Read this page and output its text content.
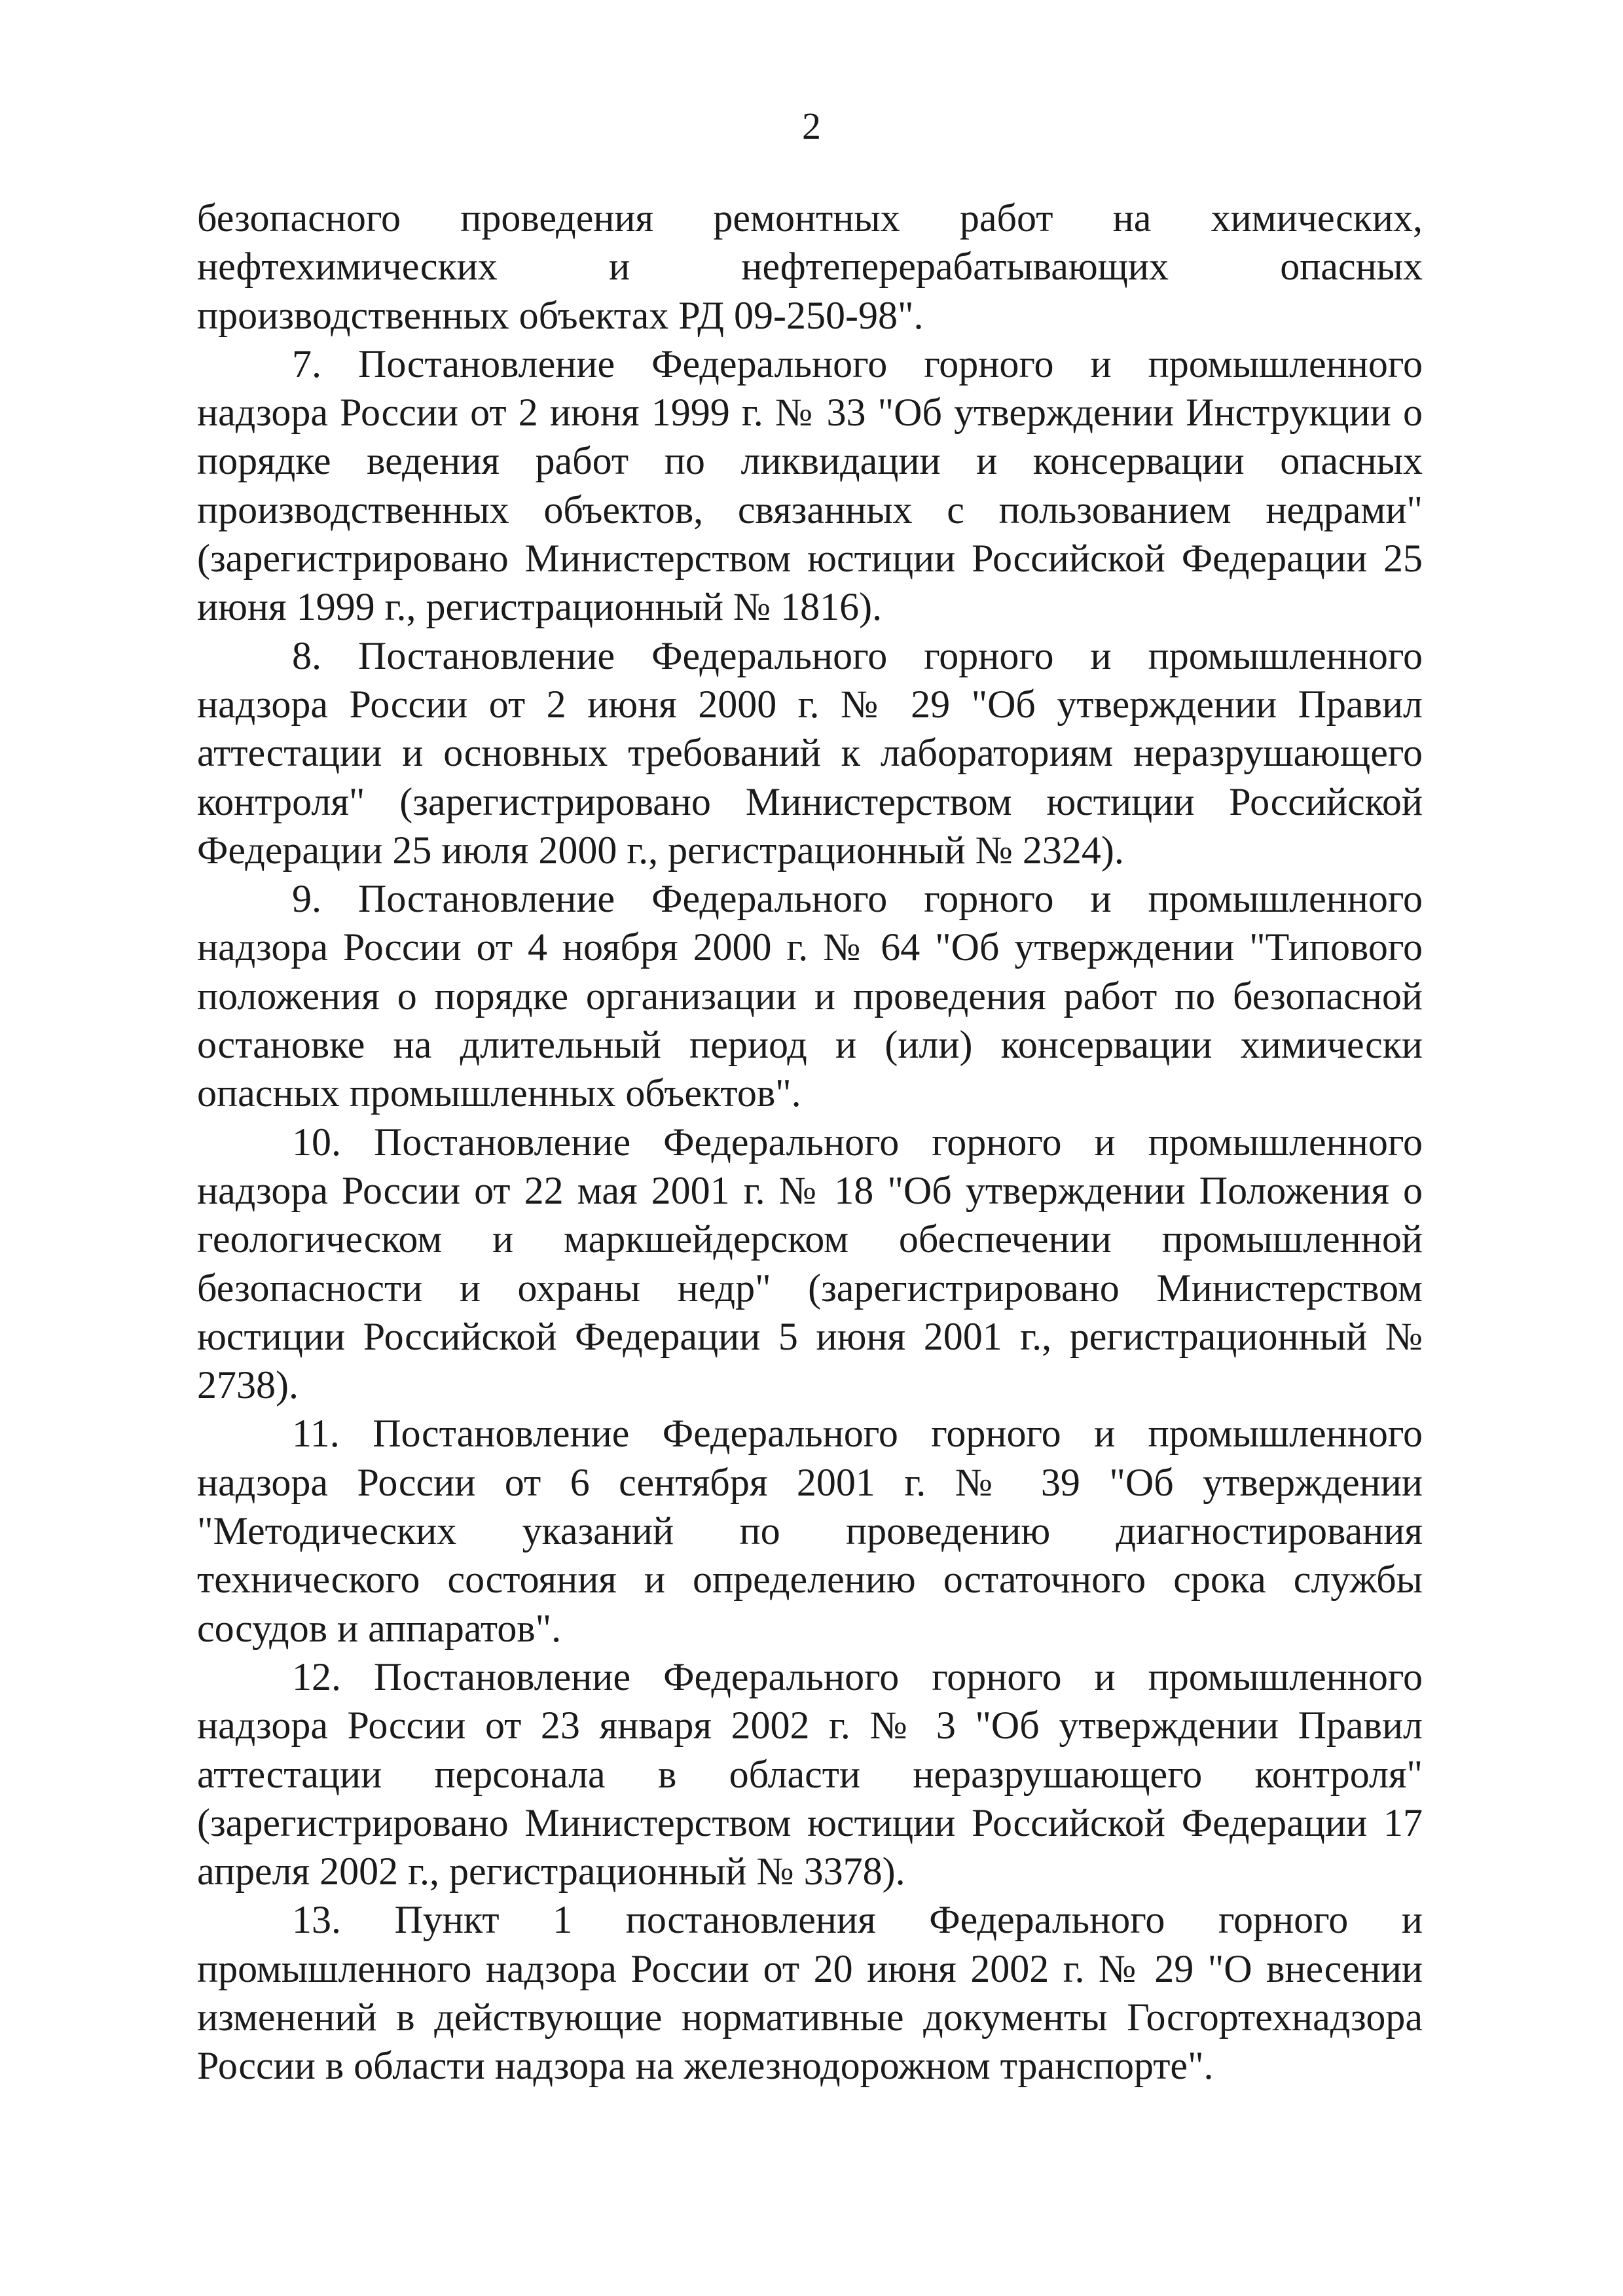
2

безопасного проведения ремонтных работ на химических, нефтехимических и нефтеперерабатывающих опасных производственных объектах РД 09-250-98".

7. Постановление Федерального горного и промышленного надзора России от 2 июня 1999 г. № 33 "Об утверждении Инструкции о порядке ведения работ по ликвидации и консервации опасных производственных объектов, связанных с пользованием недрами" (зарегистрировано Министерством юстиции Российской Федерации 25 июня 1999 г., регистрационный № 1816).

8. Постановление Федерального горного и промышленного надзора России от 2 июня 2000 г. № 29 "Об утверждении Правил аттестации и основных требований к лабораториям неразрушающего контроля" (зарегистрировано Министерством юстиции Российской Федерации 25 июля 2000 г., регистрационный № 2324).

9. Постановление Федерального горного и промышленного надзора России от 4 ноября 2000 г. № 64 "Об утверждении "Типового положения о порядке организации и проведения работ по безопасной остановке на длительный период и (или) консервации химически опасных промышленных объектов".

10. Постановление Федерального горного и промышленного надзора России от 22 мая 2001 г. № 18 "Об утверждении Положения о геологическом и маркшейдерском обеспечении промышленной безопасности и охраны недр" (зарегистрировано Министерством юстиции Российской Федерации 5 июня 2001 г., регистрационный № 2738).

11. Постановление Федерального горного и промышленного надзора России от 6 сентября 2001 г. № 39 "Об утверждении "Методических указаний по проведению диагностирования технического состояния и определению остаточного срока службы сосудов и аппаратов".

12. Постановление Федерального горного и промышленного надзора России от 23 января 2002 г. № 3 "Об утверждении Правил аттестации персонала в области неразрушающего контроля" (зарегистрировано Министерством юстиции Российской Федерации 17 апреля 2002 г., регистрационный № 3378).

13. Пункт 1 постановления Федерального горного и промышленного надзора России от 20 июня 2002 г. № 29 "О внесении изменений в действующие нормативные документы Госгортехнадзора России в области надзора на железнодорожном транспорте".
